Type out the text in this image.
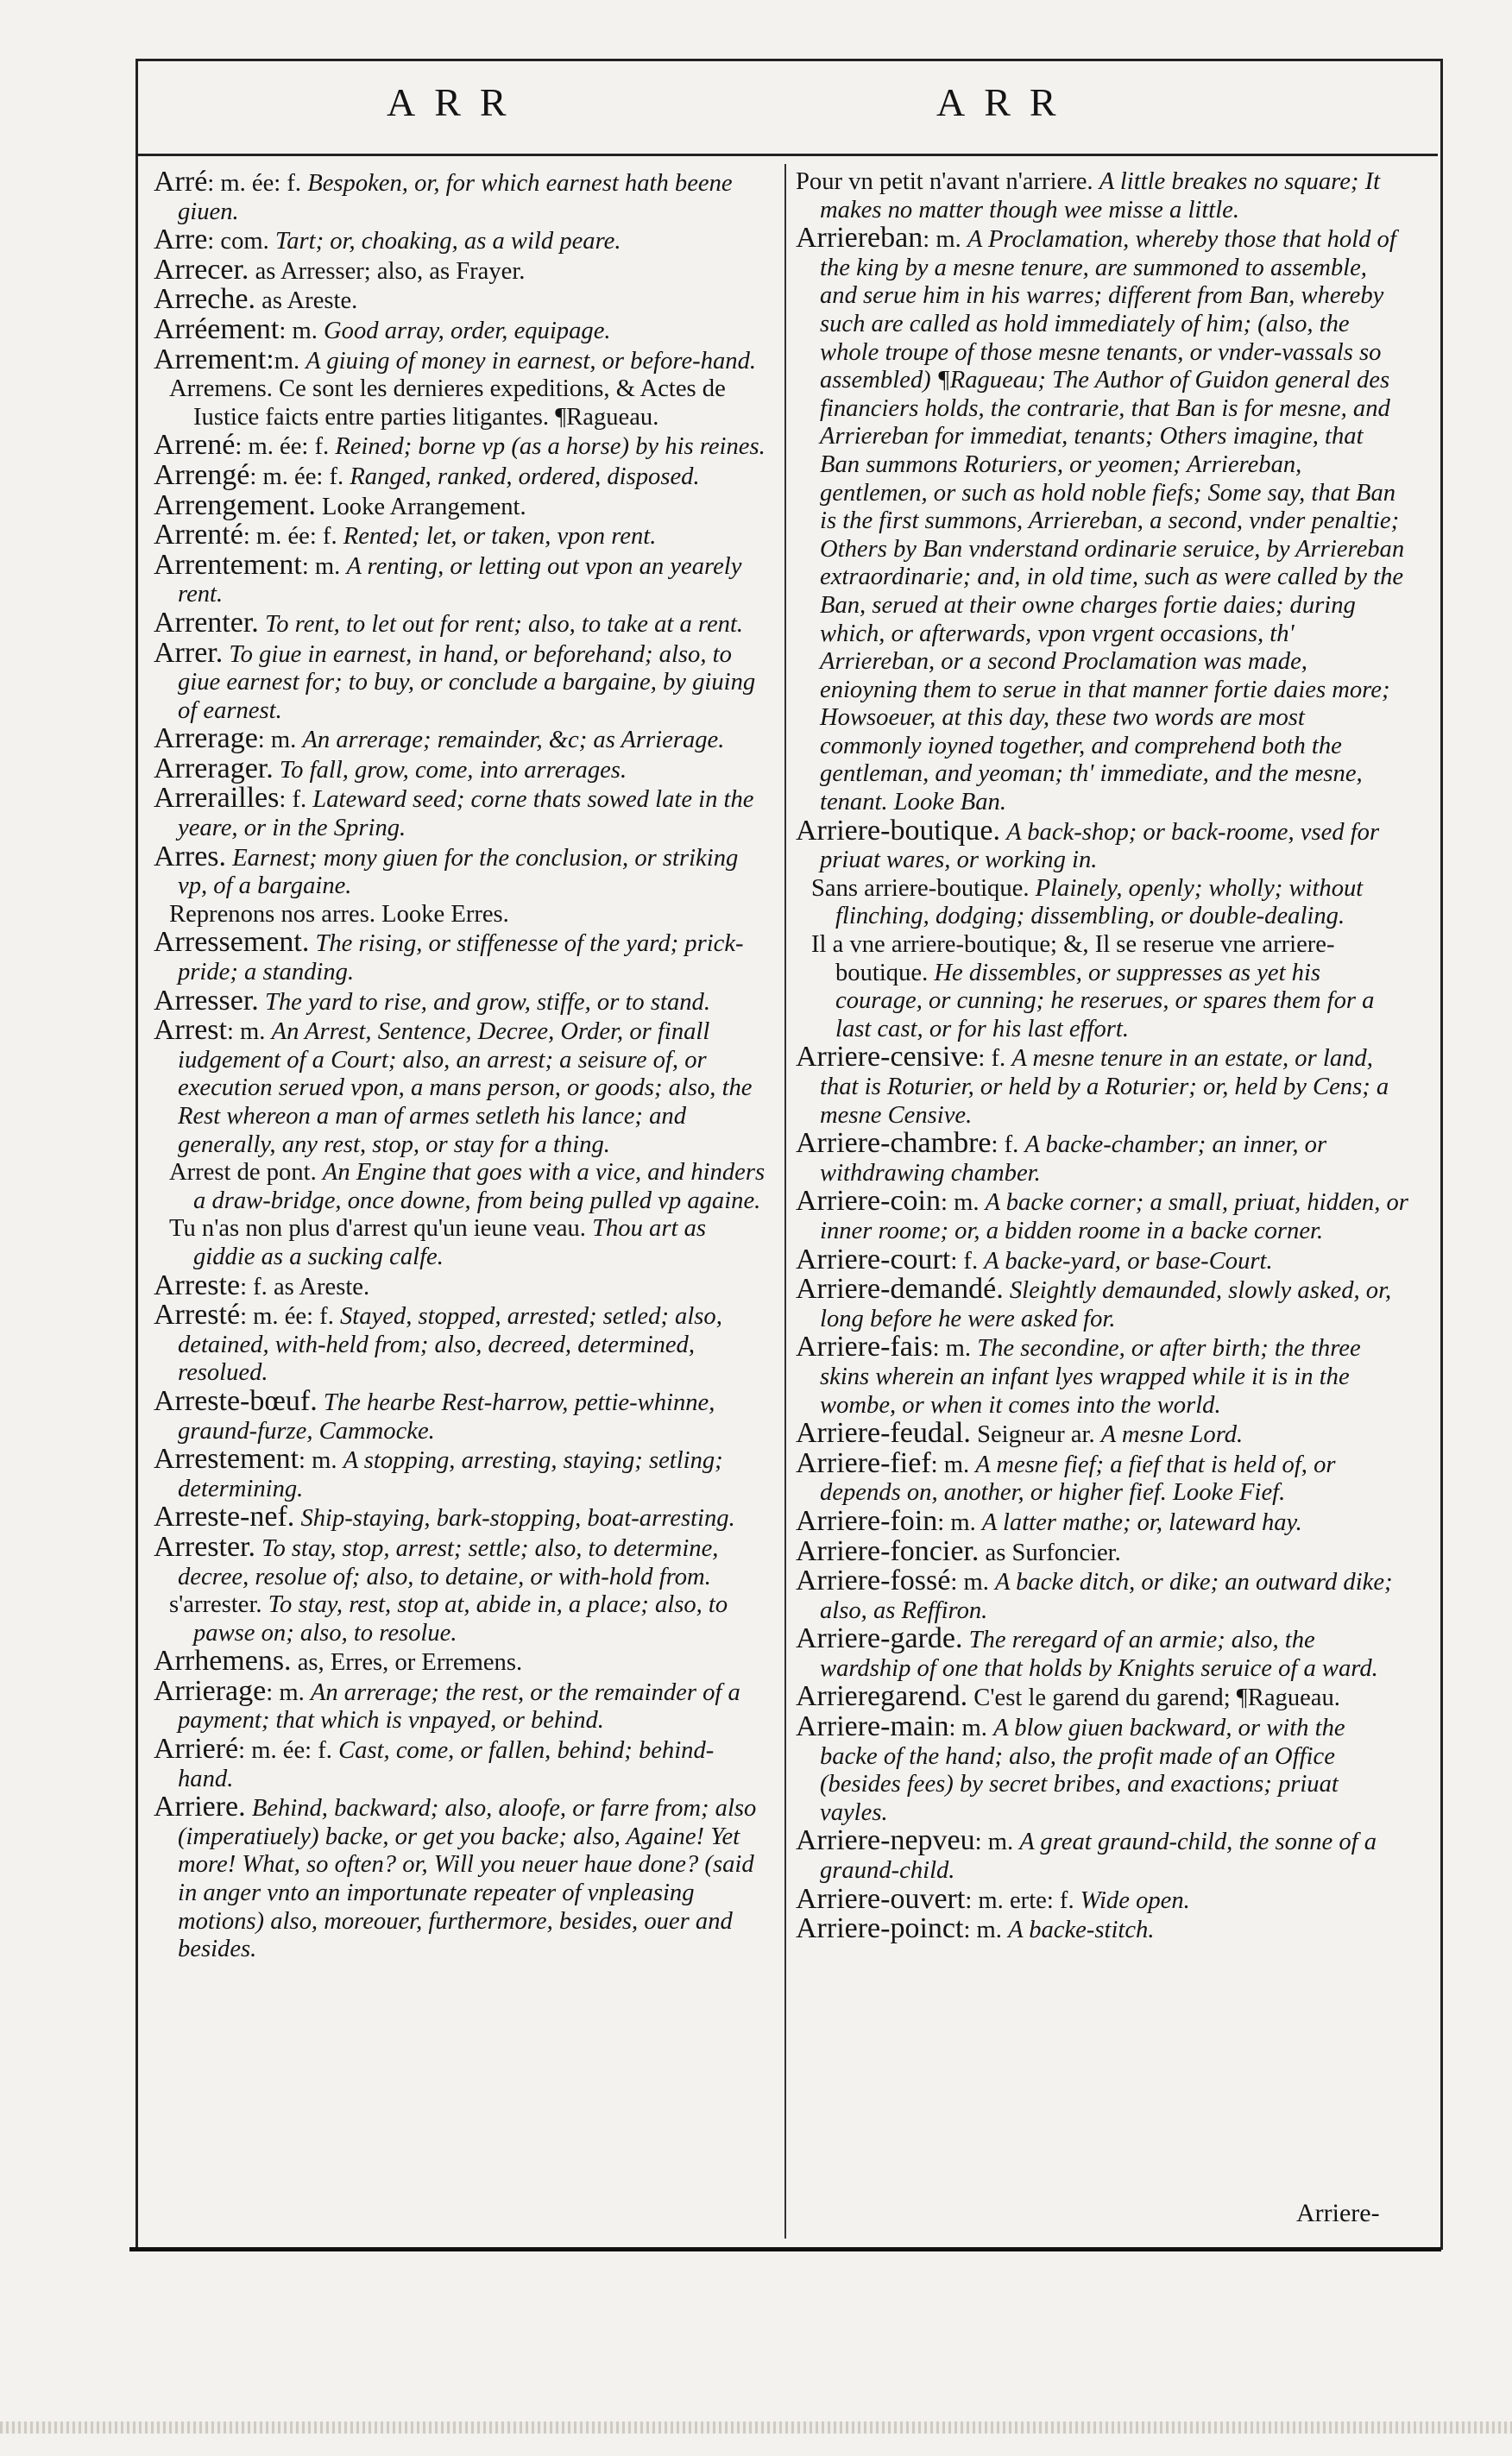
ARR	ARR

Arré: m. ée: f. Bespoken, or, for which earnest hath beene giuen.

Arre: com. Tart; or, choaking, as a wild peare.

Arrecer. as Arresser; also, as Frayer.

Arreche. as Areste.

Arréement: m. Good array, order, equipage.

Arrement:m. A giuing of money in earnest, or before-hand.

Arremens. Ce sont les dernieres expeditions, & Actes de Iustice faicts entre parties litigantes. ¶Ragueau.

Arrené: m. ée: f. Reined; borne vp (as a horse) by his reines.

Arrengé: m. ée: f. Ranged, ranked, ordered, disposed.

Arrengement. Looke Arrangement.

Arrenté: m. ée: f. Rented; let, or taken, vpon rent.

Arrentement: m. A renting, or letting out vpon an yearely rent.

Arrenter. To rent, to let out for rent; also, to take at a rent.

Arrer. To giue in earnest, in hand, or beforehand; also, to giue earnest for; to buy, or conclude a bargaine, by giuing of earnest.

Arrerage: m. An arrerage; remainder, &c; as Arrierage.

Arrerager. To fall, grow, come, into arrerages.

Arrerailles: f. Lateward seed; corne thats sowed late in the yeare, or in the Spring.

Arres. Earnest; mony giuen for the conclusion, or striking vp, of a bargaine.

Reprenons nos arres. Looke Erres.

Arressement. The rising, or stiffenesse of the yard; prick-pride; a standing.

Arresser. The yard to rise, and grow, stiffe, or to stand.

Arrest: m. An Arrest, Sentence, Decree, Order, or finall iudgement of a Court; also, an arrest; a seisure of, or execution serued vpon, a mans person, or goods; also, the Rest whereon a man of armes setleth his lance; and generally, any rest, stop, or stay for a thing.

Arrest de pont. An Engine that goes with a vice, and hinders a draw-bridge, once downe, from being pulled vp againe.

Tu n'as non plus d'arrest qu'un ieune veau. Thou art as giddie as a sucking calfe.

Arreste: f. as Areste.

Arresté: m. ée: f. Stayed, stopped, arrested; setled; also, detained, with-held from; also, decreed, determined, resolued.

Arreste-bœuf. The hearbe Rest-harrow, pettie-whinne, graund-furze, Cammocke.

Arrestement: m. A stopping, arresting, staying; setling; determining.

Arreste-nef. Ship-staying, bark-stopping, boat-arresting.

Arrester. To stay, stop, arrest; settle; also, to determine, decree, resolue of; also, to detaine, or with-hold from.

s'arrester. To stay, rest, stop at, abide in, a place; also, to pawse on; also, to resolue.

Arrhemens. as, Erres, or Erremens.

Arrierage: m. An arrerage; the rest, or the remainder of a payment; that which is vnpayed, or behind.

Arrieré: m. ée: f. Cast, come, or fallen, behind; behind-hand.

Arriere. Behind, backward; also, aloofe, or farre from; also (imperatiuely) backe, or get you backe; also, Againe! Yet more! What, so often? or, Will you neuer haue done? (said in anger vnto an importunate repeater of vnpleasing motions) also, moreouer, furthermore, besides, ouer and besides.

Pour vn petit n'avant n'arriere. A little breakes no square; It makes no matter though wee misse a little.

Arriereban: m. A Proclamation, whereby those that hold of the king by a mesne tenure, are summoned to assemble, and serue him in his warres; different from Ban, whereby such are called as hold immediately of him; (also, the whole troupe of those mesne tenants, or vnder-vassals so assembled) ¶Ragueau; The Author of Guidon general des financiers holds, the contrarie, that Ban is for mesne, and Arriereban for immediat, tenants; Others imagine, that Ban summons Roturiers, or yeomen; Arriereban, gentlemen, or such as hold noble fiefs; Some say, that Ban is the first summons, Arriereban, a second, vnder penaltie; Others by Ban vnderstand ordinarie seruice, by Arriereban extraordinarie; and, in old time, such as were called by the Ban, serued at their owne charges fortie daies; during which, or afterwards, vpon vrgent occasions, th' Arriereban, or a second Proclamation was made, enioyning them to serue in that manner fortie daies more; Howsoeuer, at this day, these two words are most commonly ioyned together, and comprehend both the gentleman, and yeoman; th' immediate, and the mesne, tenant. Looke Ban.

Arriere-boutique. A back-shop; or back-roome, vsed for priuat wares, or working in.

Sans arriere-boutique. Plainely, openly; wholly; without flinching, dodging; dissembling, or double-dealing.

Il a vne arriere-boutique; &, Il se reserue vne arriere-boutique. He dissembles, or suppresses as yet his courage, or cunning; he reserues, or spares them for a last cast, or for his last effort.

Arriere-censive: f. A mesne tenure in an estate, or land, that is Roturier, or held by a Roturier; or, held by Cens; a mesne Censive.

Arriere-chambre: f. A backe-chamber; an inner, or withdrawing chamber.

Arriere-coin: m. A backe corner; a small, priuat, hidden, or inner roome; or, a bidden roome in a backe corner.

Arriere-court: f. A backe-yard, or base-Court.

Arriere-demandé. Sleightly demaunded, slowly asked, or, long before he were asked for.

Arriere-fais: m. The secondine, or after birth; the three skins wherein an infant lyes wrapped while it is in the wombe, or when it comes into the world.

Arriere-feudal. Seigneur ar. A mesne Lord.

Arriere-fief: m. A mesne fief; a fief that is held of, or depends on, another, or higher fief. Looke Fief.

Arriere-foin: m. A latter mathe; or, lateward hay.

Arriere-foncier. as Surfoncier.

Arriere-fossé: m. A backe ditch, or dike; an outward dike; also, as Reffiron.

Arriere-garde. The reregard of an armie; also, the wardship of one that holds by Knights seruice of a ward.

Arrieregarend. C'est le garend du garend; ¶Ragueau.

Arriere-main: m. A blow giuen backward, or with the backe of the hand; also, the profit made of an Office (besides fees) by secret bribes, and exactions; priuat vayles.

Arriere-nepveu: m. A great graund-child, the sonne of a graund-child.

Arriere-ouvert: m. erte: f. Wide open.

Arriere-poinct: m. A backe-stitch.

Arriere-
